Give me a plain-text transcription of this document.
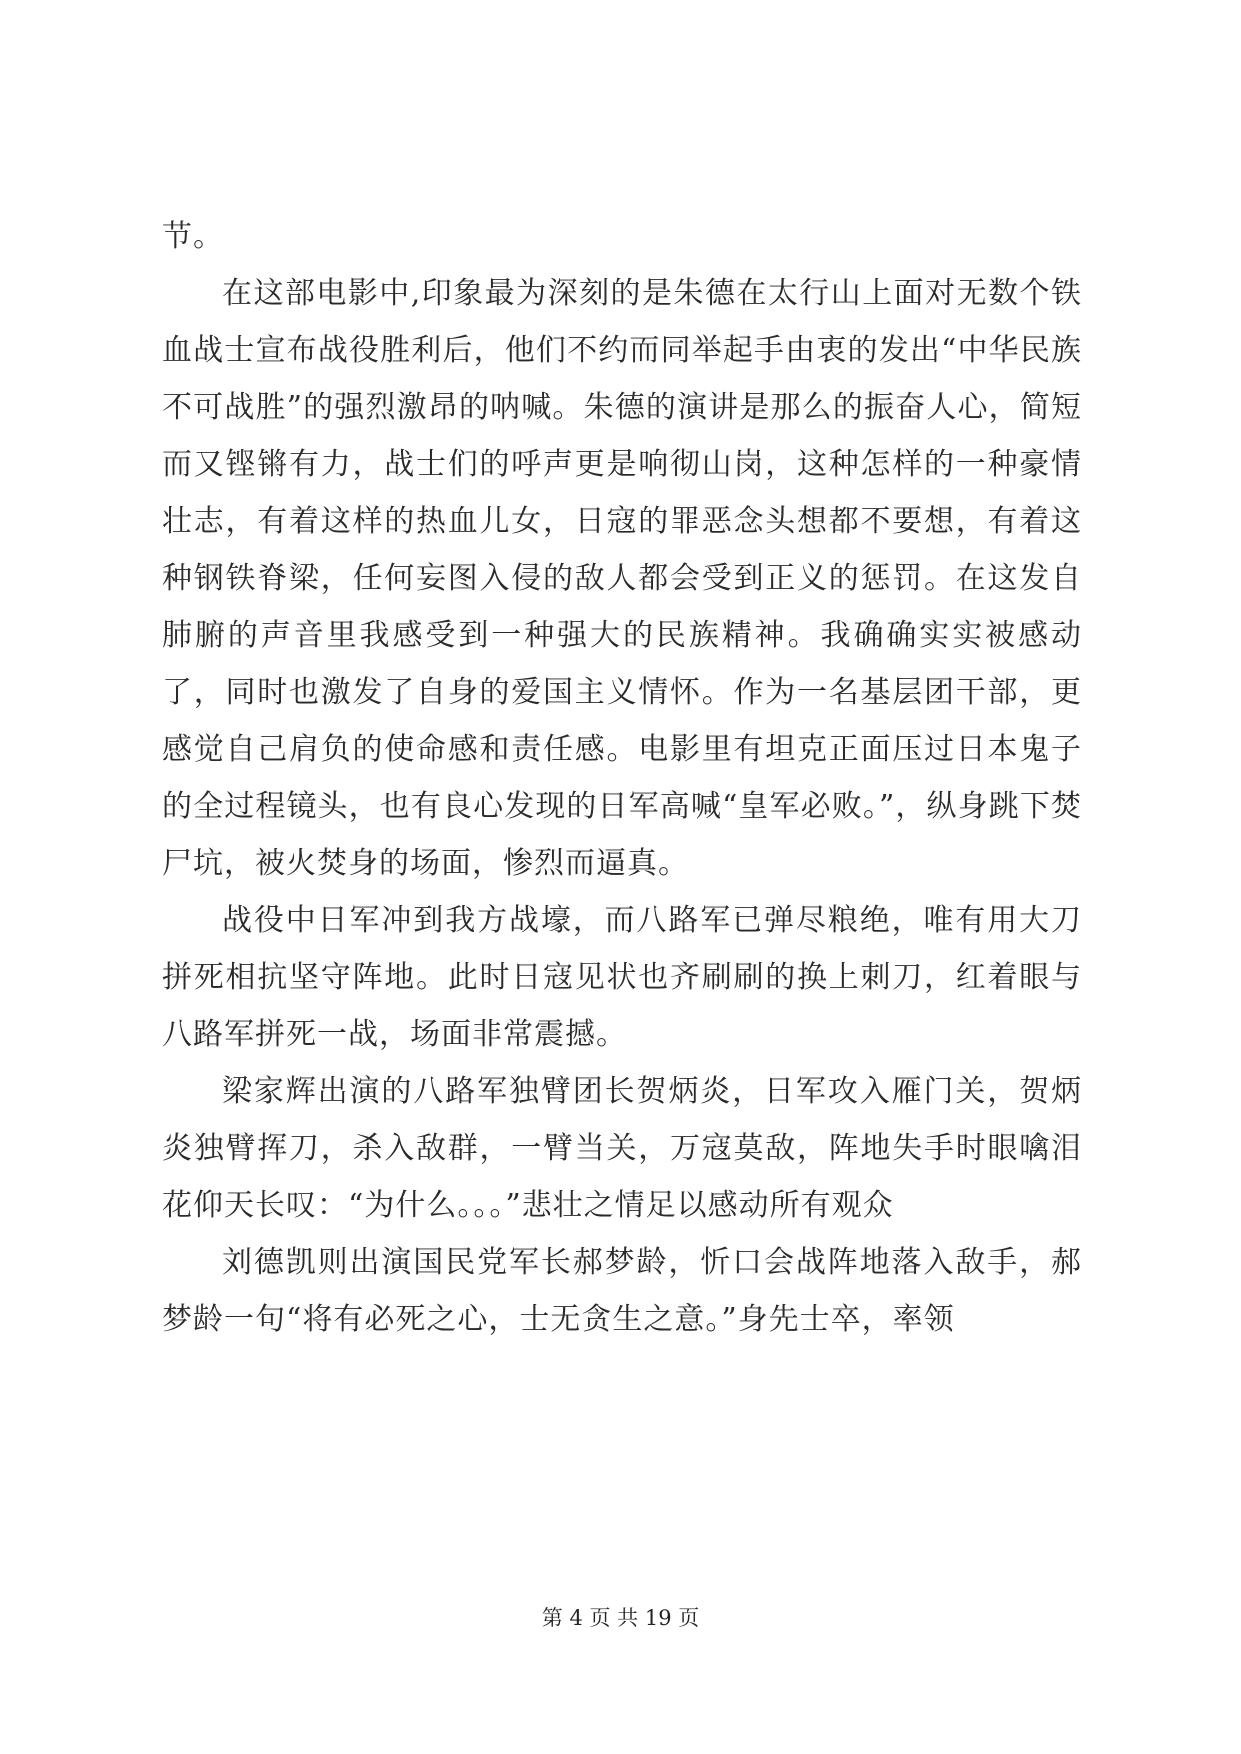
节。

在这部电影中,印象最为深刻的是朱德在太行山上面对无数个铁血战士宣布战役胜利后，他们不约而同举起手由衷的发出“中华民族不可战胜”的强烈激昂的呐喊。朱德的演讲是那么的振奋人心，简短而又铿锵有力，战士们的呼声更是响彻山岗，这种怎样的一种豪情壮志，有着这样的热血儿女，日寇的罪恶念头想都不要想，有着这种钢铁脊梁，任何妄图入侵的敌人都会受到正义的惩罚。在这发自肺腑的声音里我感受到一种强大的民族精神。我确确实实被感动了，同时也激发了自身的爱国主义情怀。作为一名基层团干部，更感觉自己肩负的使命感和责任感。电影里有坦克正面压过日本鬼子的全过程镜头，也有良心发现的日军高喊“皇军必败。”，纵身跳下焚尸坑，被火焚身的场面，惨烈而逼真。

战役中日军冲到我方战壕，而八路军已弹尽粮绝，唯有用大刀拼死相抗坚守阵地。此时日寇见状也齐刷刷的换上刺刀，红着眼与八路军拼死一战，场面非常震撼。

梁家辉出演的八路军独臂团长贺炳炎，日军攻入雁门关，贺炳炎独臂挥刀，杀入敌群，一臂当关，万寇莫敌，阵地失手时眼噙泪花仰天长叹：“为什么。。。”悲壮之情足以感动所有观众

刘德凯则出演国民党军长郝梦龄，忻口会战阵地落入敌手，郝梦龄一句“将有必死之心，士无贪生之意。”身先士卒，率领

第 4 页 共 19 页
